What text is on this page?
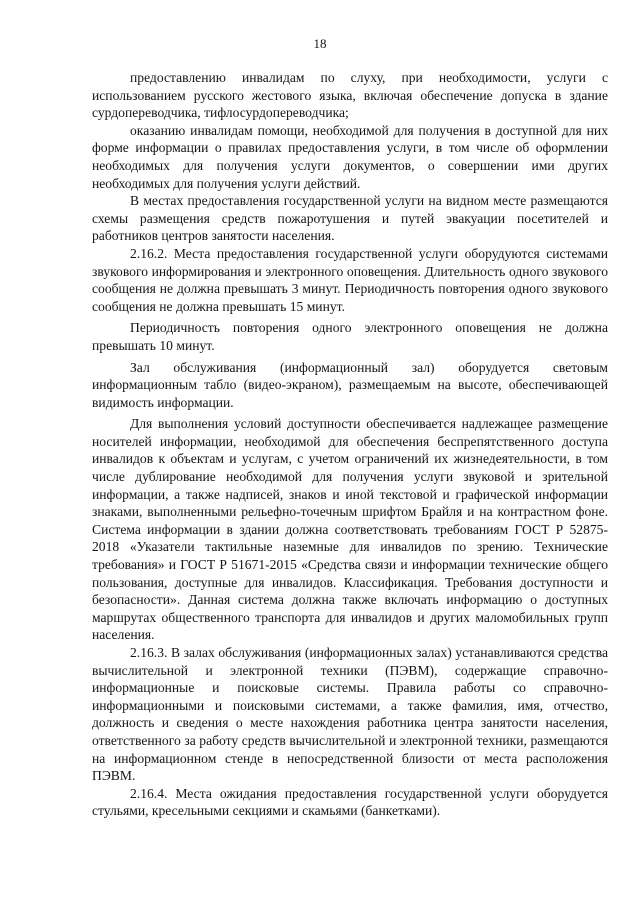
18

предоставлению инвалидам по слуху, при необходимости, услуги с использованием русского жестового языка, включая обеспечение допуска в здание сурдопереводчика, тифлосурдопереводчика;

оказанию инвалидам помощи, необходимой для получения в доступной для них форме информации о правилах предоставления услуги, в том числе об оформлении необходимых для получения услуги документов, о совершении ими других необходимых для получения услуги действий.

В местах предоставления государственной услуги на видном месте размещаются схемы размещения средств пожаротушения и путей эвакуации посетителей и работников центров занятости населения.

2.16.2. Места предоставления государственной услуги оборудуются системами звукового информирования и электронного оповещения. Длительность одного звукового сообщения не должна превышать 3 минут. Периодичность повторения одного звукового сообщения не должна превышать 15 минут.

Периодичность повторения одного электронного оповещения не должна превышать 10 минут.

Зал обслуживания (информационный зал) оборудуется световым информационным табло (видео-экраном), размещаемым на высоте, обеспечивающей видимость информации.

Для выполнения условий доступности обеспечивается надлежащее размещение носителей информации, необходимой для обеспечения беспрепятственного доступа инвалидов к объектам и услугам, с учетом ограничений их жизнедеятельности, в том числе дублирование необходимой для получения услуги звуковой и зрительной информации, а также надписей, знаков и иной текстовой и графической информации знаками, выполненными рельефно-точечным шрифтом Брайля и на контрастном фоне. Система информации в здании должна соответствовать требованиям ГОСТ Р 52875-2018 «Указатели тактильные наземные для инвалидов по зрению. Технические требования» и ГОСТ Р 51671-2015 «Средства связи и информации технические общего пользования, доступные для инвалидов. Классификация. Требования доступности и безопасности». Данная система должна также включать информацию о доступных маршрутах общественного транспорта для инвалидов и других маломобильных групп населения.

2.16.3. В залах обслуживания (информационных залах) устанавливаются средства вычислительной и электронной техники (ПЭВМ), содержащие справочно-информационные и поисковые системы. Правила работы со справочно-информационными и поисковыми системами, а также фамилия, имя, отчество, должность и сведения о месте нахождения работника центра занятости населения, ответственного за работу средств вычислительной и электронной техники, размещаются на информационном стенде в непосредственной близости от места расположения ПЭВМ.

2.16.4. Места ожидания предоставления государственной услуги оборудуется стульями, кресельными секциями и скамьями (банкетками).
